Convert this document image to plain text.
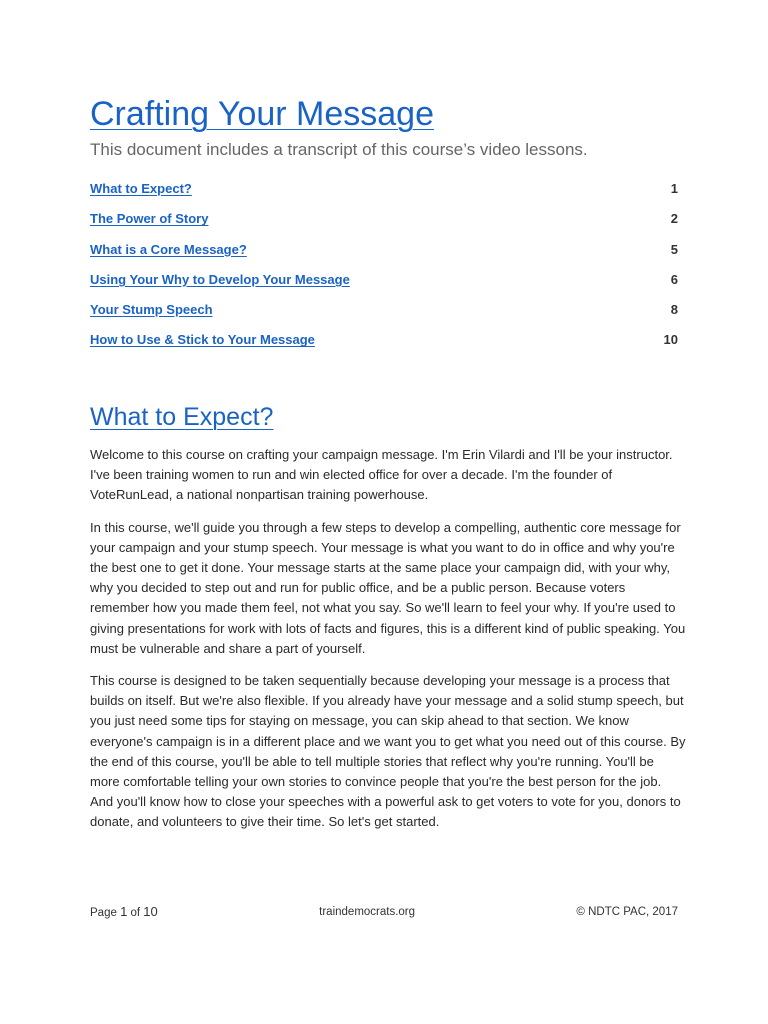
Crafting Your Message

This document includes a transcript of this course’s video lessons.

What to Expect?	1
The Power of Story	2
What is a Core Message?	5
Using Your Why to Develop Your Message	6
Your Stump Speech	8
How to Use & Stick to Your Message	10
What to Expect?

Welcome to this course on crafting your campaign message. I'm Erin Vilardi and I'll be your instructor. I've been training women to run and win elected office for over a decade. I'm the founder of VoteRunLead, a national nonpartisan training powerhouse.

In this course, we'll guide you through a few steps to develop a compelling, authentic core message for your campaign and your stump speech. Your message is what you want to do in office and why you're the best one to get it done. Your message starts at the same place your campaign did, with your why, why you decided to step out and run for public office, and be a public person. Because voters remember how you made them feel, not what you say. So we'll learn to feel your why. If you're used to giving presentations for work with lots of facts and figures, this is a different kind of public speaking. You must be vulnerable and share a part of yourself.

This course is designed to be taken sequentially because developing your message is a process that builds on itself. But we're also flexible. If you already have your message and a solid stump speech, but you just need some tips for staying on message, you can skip ahead to that section. We know everyone's campaign is in a different place and we want you to get what you need out of this course. By the end of this course, you'll be able to tell multiple stories that reflect why you're running. You'll be more comfortable telling your own stories to convince people that you're the best person for the job. And you'll know how to close your speeches with a powerful ask to get voters to vote for you, donors to donate, and volunteers to give their time. So let's get started.

Page 1 of 10	traindemocrats.org	© NDTC PAC, 2017
